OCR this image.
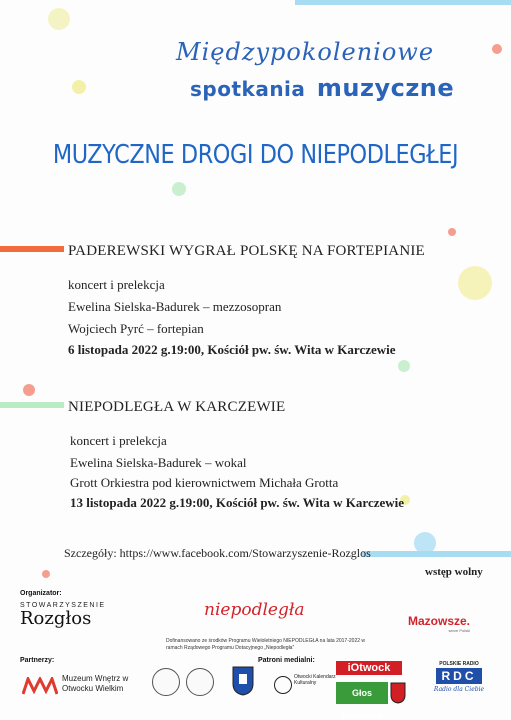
Międzypokoleniowe
spotkania muzyczne
MUZYCZNE DROGI DO NIEPODLEGŁEJ
PADEREWSKI WYGRAŁ POLSKĘ NA FORTEPIANIE
koncert i prelekcja
Ewelina Sielska-Badurek – mezzosopran
Wojciech Pyrć – fortepian
6 listopada 2022 g.19:00, Kościół pw. św. Wita w Karczewie
NIEPODLEGŁA W KARCZEWIE
koncert i prelekcja
Ewelina Sielska-Badurek – wokal
Grott Orkiestra pod kierownictwem Michała Grotta
13 listopada 2022 g.19:00, Kościół pw. św. Wita w Karczewie
Szczegóły: https://www.facebook.com/Stowarzyszenie-Rozglos
wstęp wolny
Organizator:
STOWARZYSZENIE
Rozgłos	niepodległa
Dofinansowano ze środków Programu Wieloletniego NIEPODLEGŁA na lata 2017-2022 w ramach Rządowego Programu Dotacyjnego „Niepodległa"
Mazowsze.
serce Polski
Partnerzy:
Muzeum Wnętrz w Otwocku Wielkim
Patroni medialni:
Otwocki Kalendarz Kulturalny
iOtwock
Głos Karczewa
POLSKIE RADIO
RDC
Radio dla Ciebie
